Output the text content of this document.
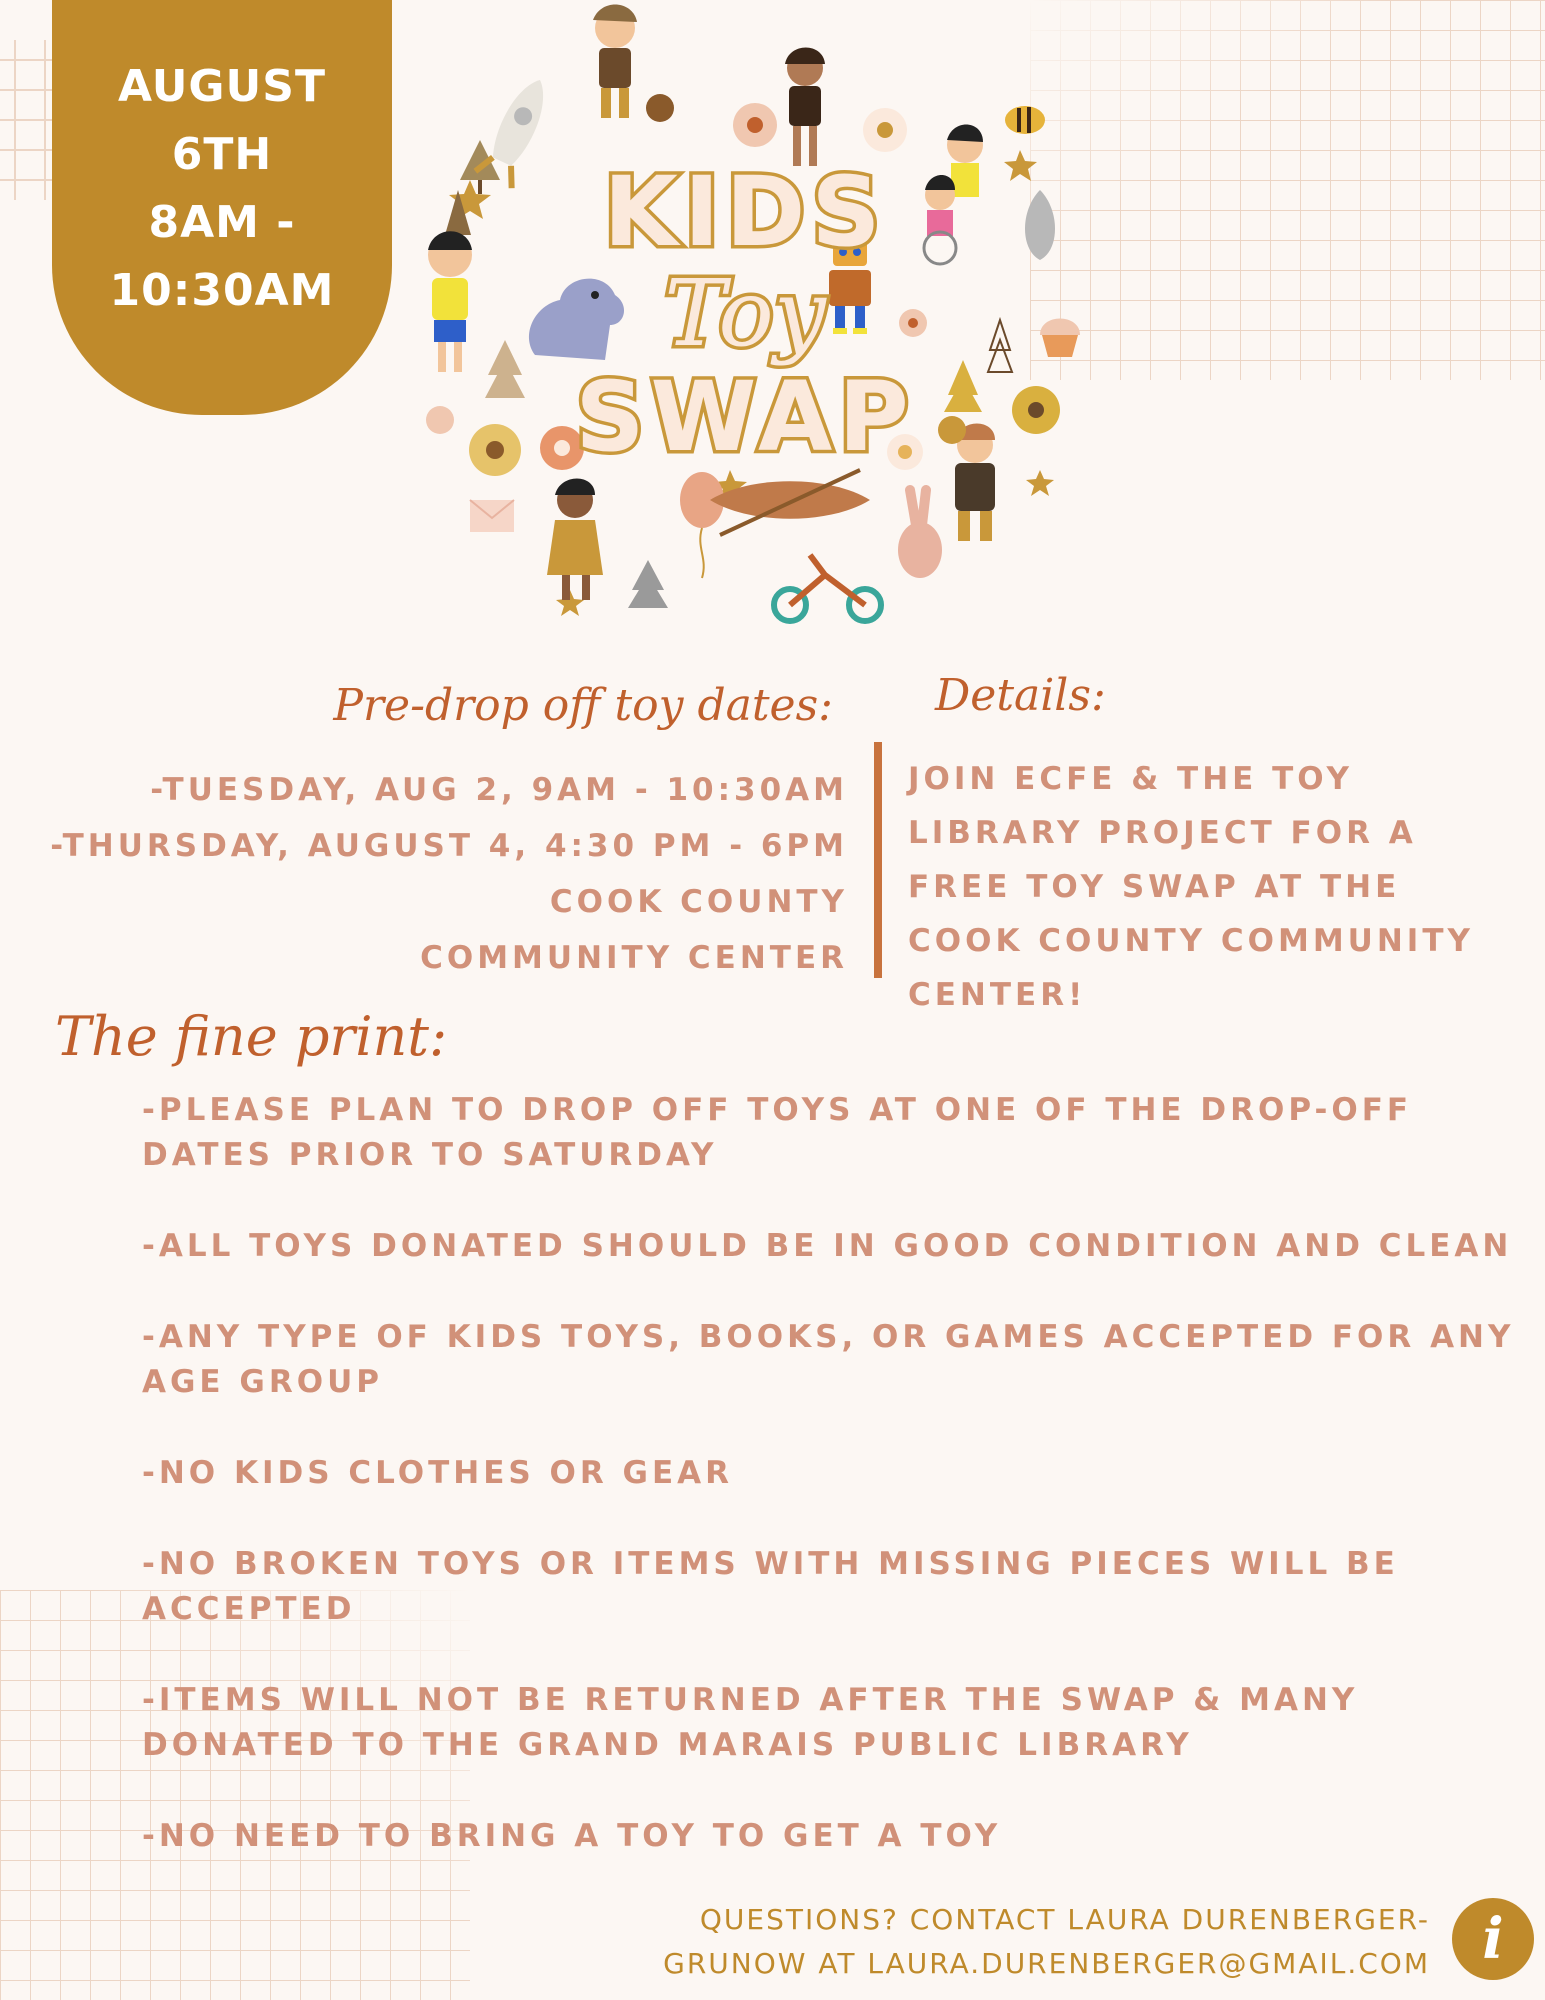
AUGUST
6TH
8AM -
10:30AM
KIDS
Toy
SWAP
Pre-drop off toy dates: Details:
-TUESDAY, AUG 2, 9AM - 10:30AM
-THURSDAY, AUGUST 4, 4:30 PM - 6PM
COOK COUNTY
COMMUNITY CENTER
JOIN ECFE & THE TOY LIBRARY PROJECT FOR A FREE TOY SWAP AT THE COOK COUNTY COMMUNITY CENTER!
The fine print:
-PLEASE PLAN TO DROP OFF TOYS AT ONE OF THE DROP-OFF DATES PRIOR TO SATURDAY
-ALL TOYS DONATED SHOULD BE IN GOOD CONDITION AND CLEAN
-ANY TYPE OF KIDS TOYS, BOOKS, OR GAMES ACCEPTED FOR ANY AGE GROUP
-NO KIDS CLOTHES OR GEAR
-NO BROKEN TOYS OR ITEMS WITH MISSING PIECES WILL BE ACCEPTED
-ITEMS WILL NOT BE RETURNED AFTER THE SWAP & MANY DONATED TO THE GRAND MARAIS PUBLIC LIBRARY
-NO NEED TO BRING A TOY TO GET A TOY
QUESTIONS? CONTACT LAURA DURENBERGER-
GRUNOW AT LAURA.DURENBERGER@GMAIL.COM i
